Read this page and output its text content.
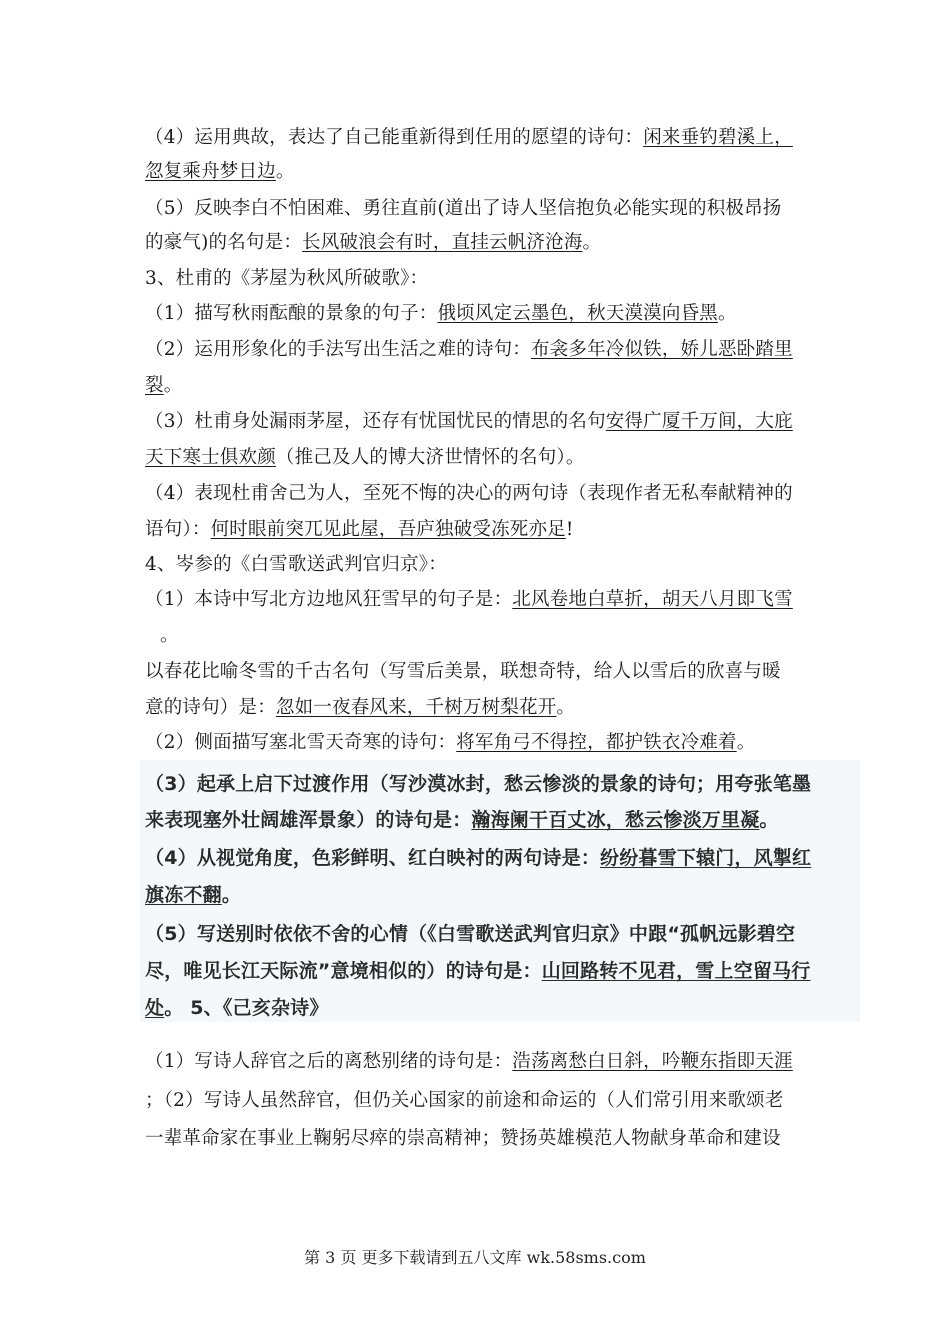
（4）运用典故，表达了自己能重新得到任用的愿望的诗句：闲来垂钓碧溪上，
忽复乘舟梦日边。
（5）反映李白不怕困难、勇往直前(道出了诗人坚信抱负必能实现的积极昂扬
的豪气)的名句是：长风破浪会有时，直挂云帆济沧海。
3、杜甫的《茅屋为秋风所破歌》：
（1）描写秋雨酝酿的景象的句子：俄顷风定云墨色，秋天漠漠向昏黑。
（2）运用形象化的手法写出生活之难的诗句：布衾多年冷似铁，娇儿恶卧踏里
裂。
（3）杜甫身处漏雨茅屋，还存有忧国忧民的情思的名句安得广厦千万间，大庇
天下寒士俱欢颜（推己及人的博大济世情怀的名句）。
（4）表现杜甫舍己为人，至死不悔的决心的两句诗（表现作者无私奉献精神的
语句）：何时眼前突兀见此屋，吾庐独破受冻死亦足!
4、岑参的《白雪歌送武判官归京》：
（1）本诗中写北方边地风狂雪早的句子是：北风卷地白草折，胡天八月即飞雪
。
以春花比喻冬雪的千古名句（写雪后美景，联想奇特，给人以雪后的欣喜与暖
意的诗句）是：忽如一夜春风来，千树万树梨花开。
（2）侧面描写塞北雪天奇寒的诗句：将军角弓不得控，都护铁衣冷难着。
（3）起承上启下过渡作用（写沙漠冰封，愁云惨淡的景象的诗句；用夸张笔墨
来表现塞外壮阔雄浑景象）的诗句是：瀚海阑干百丈冰，愁云惨淡万里凝。
（4）从视觉角度，色彩鲜明、红白映衬的两句诗是：纷纷暮雪下辕门，风掣红
旗冻不翻。
（5）写送别时依依不舍的心情（《白雪歌送武判官归京》中跟“孤帆远影碧空
尽，唯见长江天际流”意境相似的）的诗句是：山回路转不见君，雪上空留马行
处。 5、《己亥杂诗》
（1）写诗人辞官之后的离愁别绪的诗句是：浩荡离愁白日斜，吟鞭东指即天涯
；（2）写诗人虽然辞官，但仍关心国家的前途和命运的（人们常引用来歌颂老
一辈革命家在事业上鞠躬尽瘁的崇高精神；赞扬英雄模范人物献身革命和建设
第 3 页 更多下载请到五八文库 wk.58sms.com
